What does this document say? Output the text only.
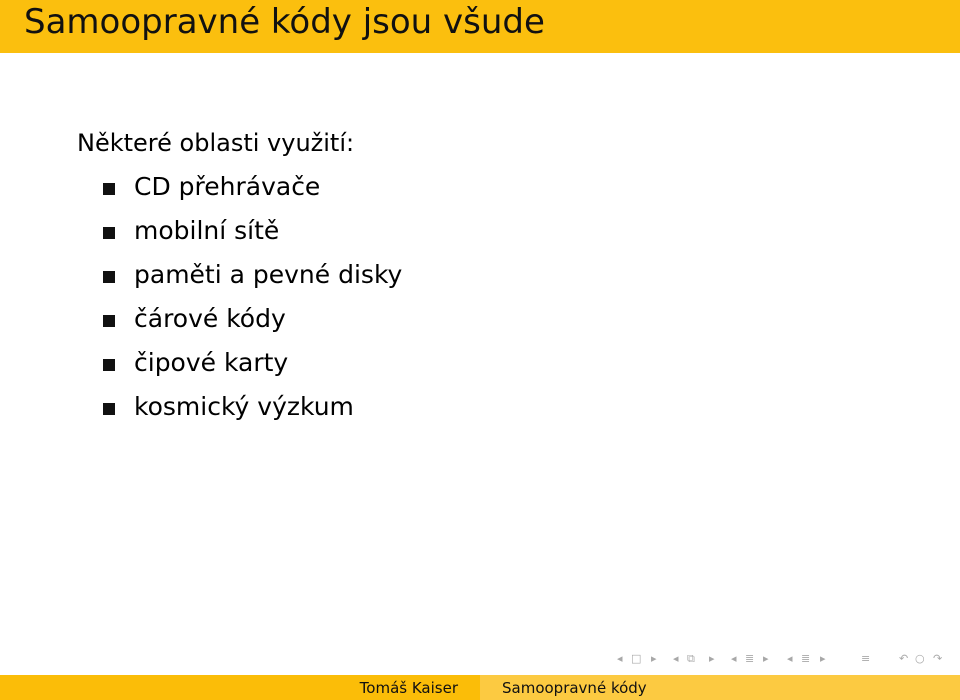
Samoopravné kódy jsou všude
Některé oblasti využití:
CD přehrávače
mobilní sítě
paměti a pevné disky
čárové kódy
čipové karty
kosmický výzkum
◂ □ ▸ ◂ ⧉ ▸ ◂ ≣ ▸ ◂ ≣ ▸	≡	↶ ○ ↷
Tomáš Kaiser	Samoopravné kódy
